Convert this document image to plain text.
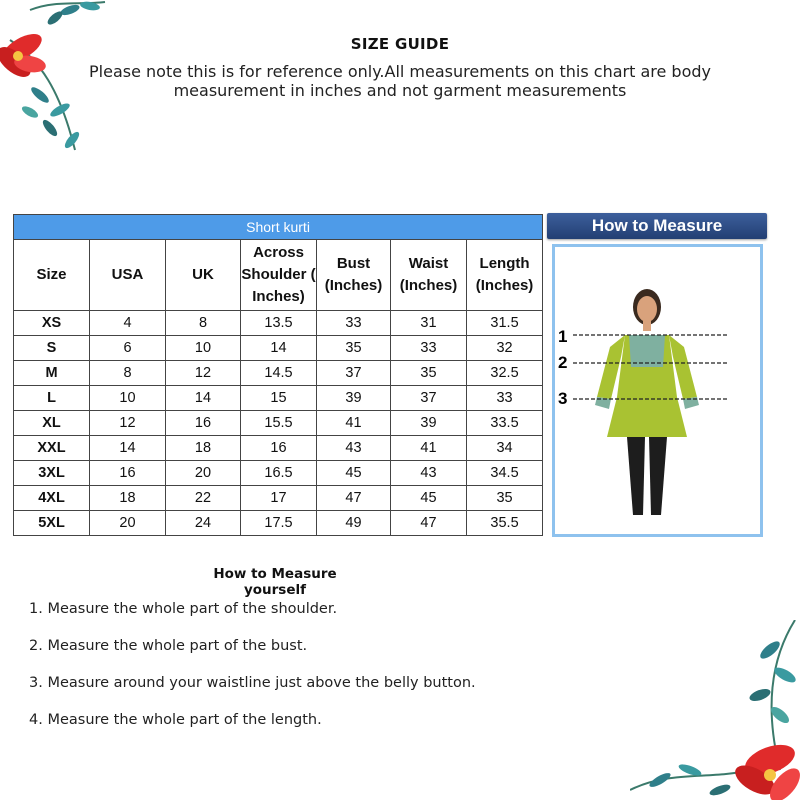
SIZE GUIDE
Please note this is for reference only.All measurements on this chart are body measurement in inches and not garment measurements
Short kurti						
Size	USA	UK	Across Shoulder ( Inches)	Bust (Inches)	Waist (Inches)	Length (Inches)
XS	4	8	13.5	33	31	31.5
S	6	10	14	35	33	32
M	8	12	14.5	37	35	32.5
L	10	14	15	39	37	33
XL	12	16	15.5	41	39	33.5
XXL	14	18	16	43	41	34
3XL	16	20	16.5	45	43	34.5
4XL	18	22	17	47	45	35
5XL	20	24	17.5	49	47	35.5
How to Measure
1
2
3
How to Measure yourself
1. Measure the whole part of the shoulder.
2. Measure the whole part of the bust.
3. Measure around your waistline just above the belly button.
4. Measure the whole part of the length.
